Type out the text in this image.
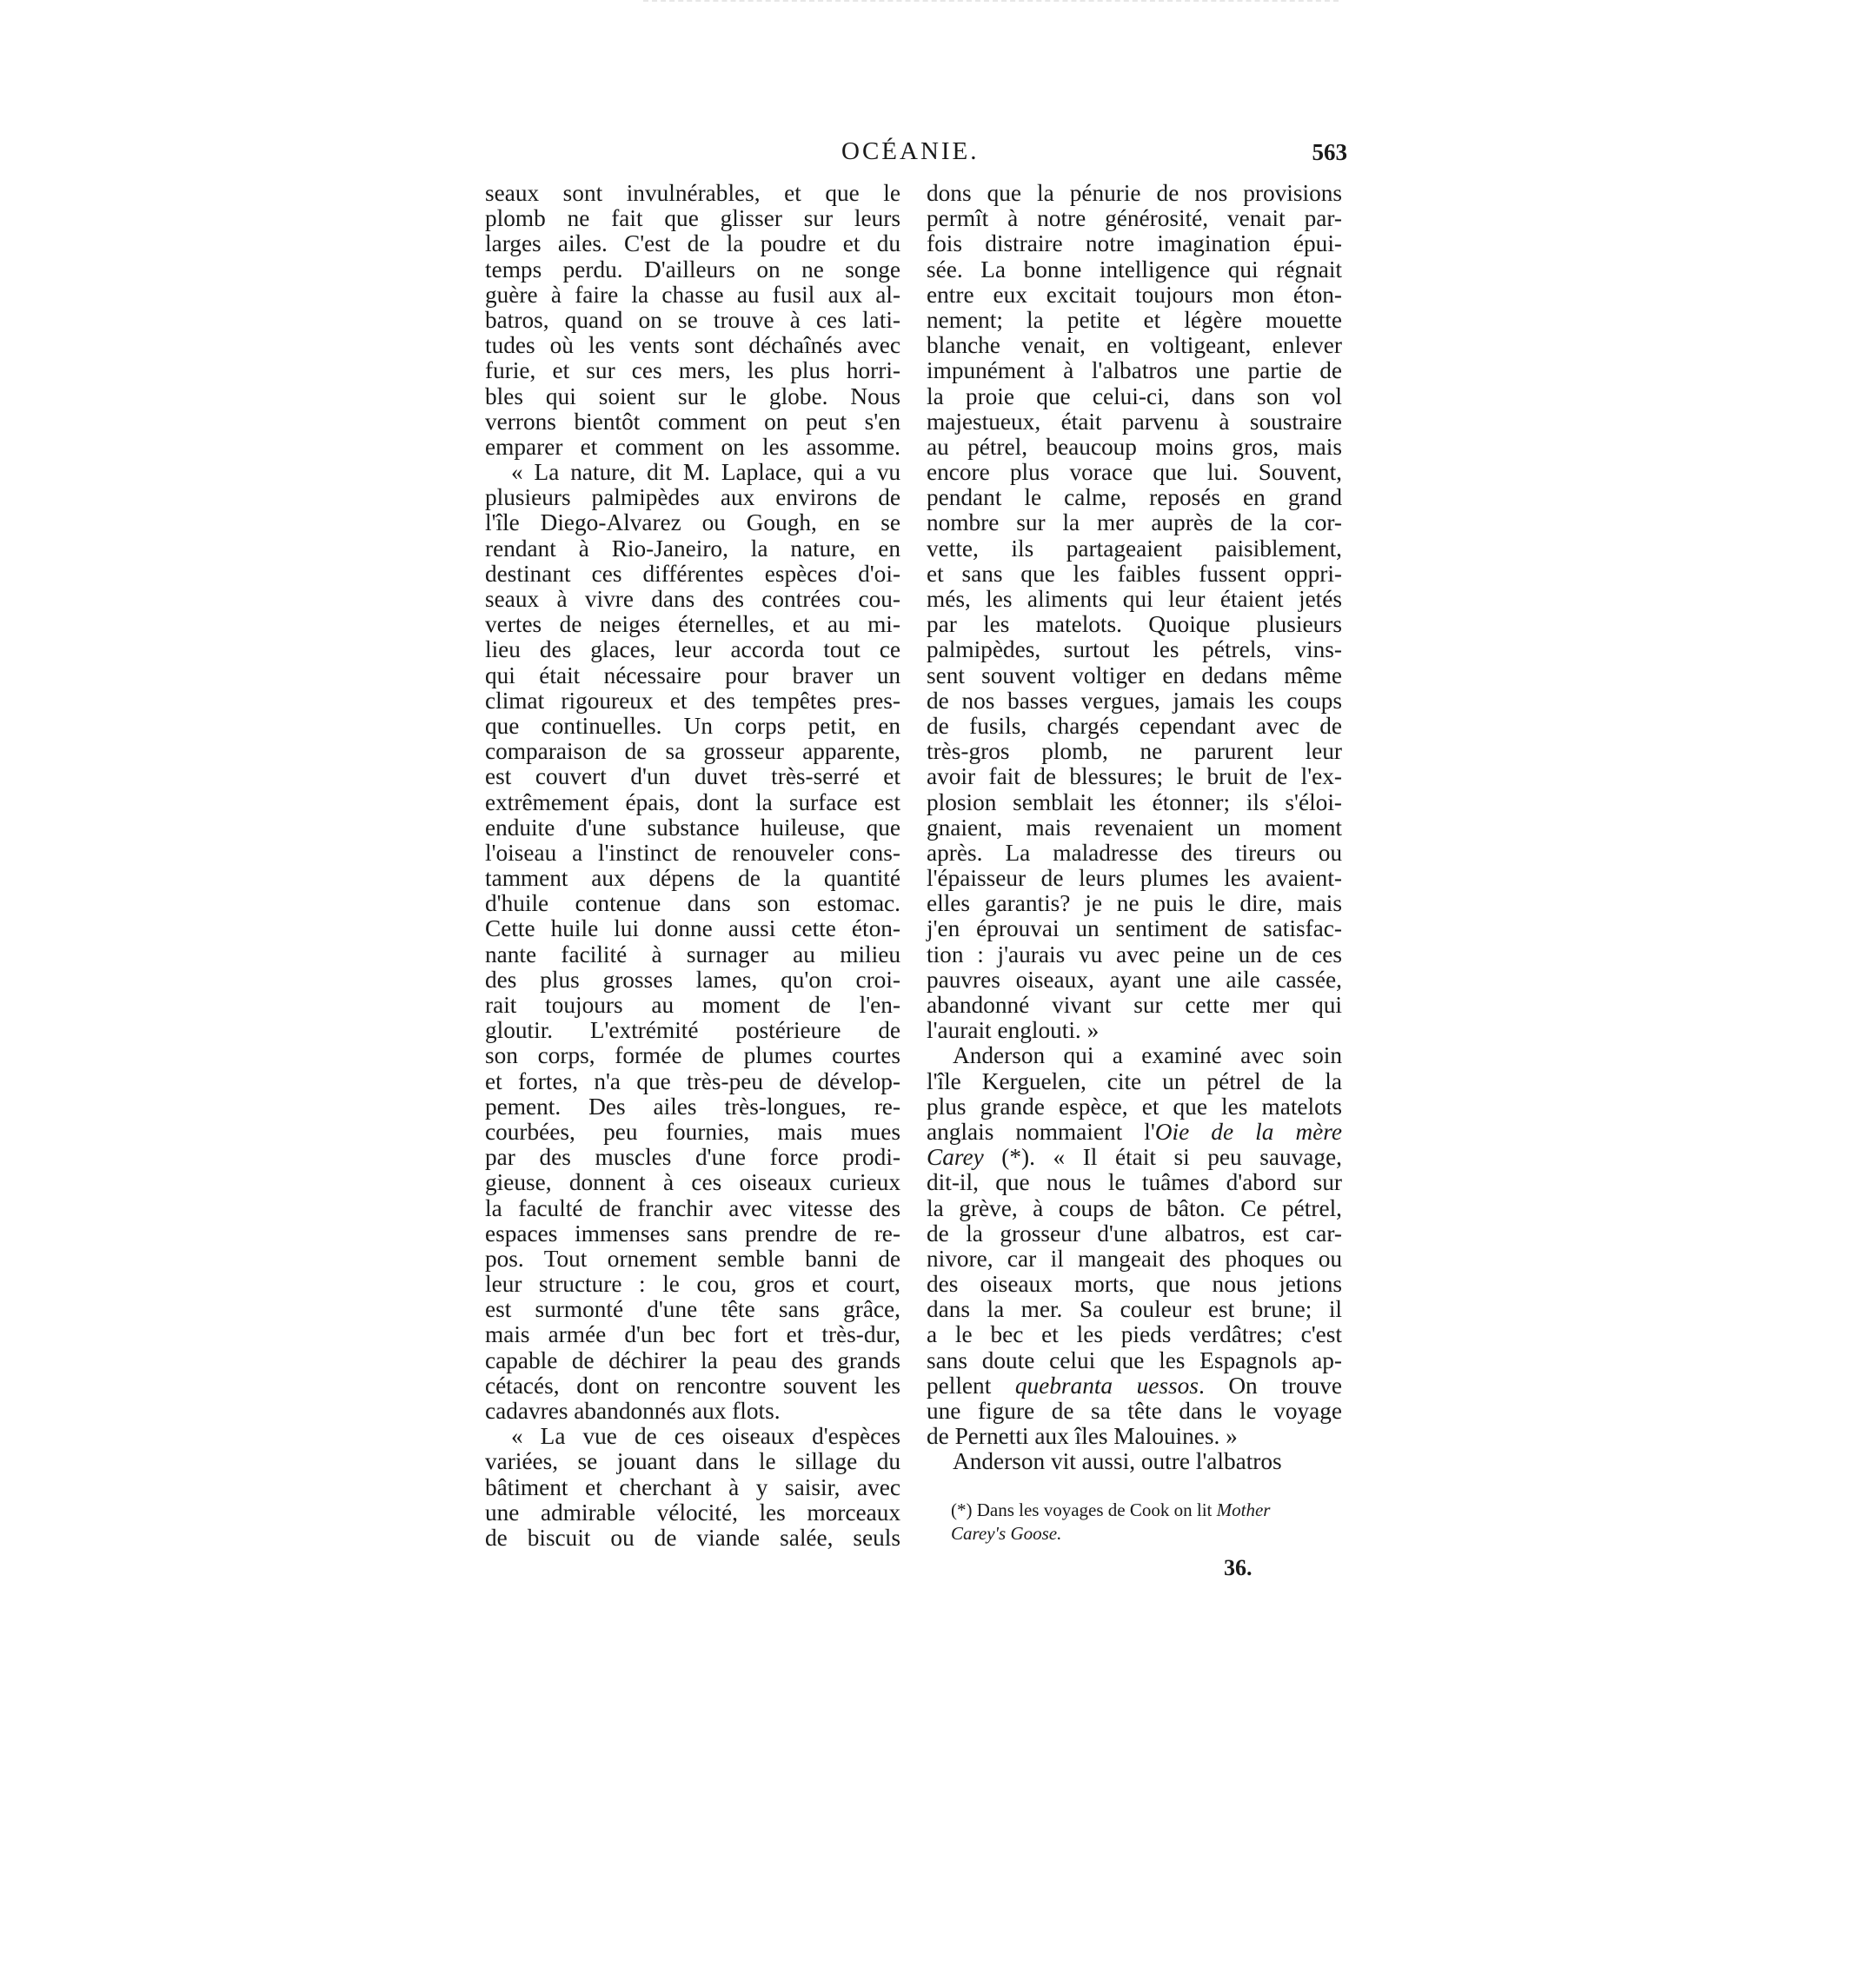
OCÉANIE.	563
seaux sont invulnérables, et que le
plomb ne fait que glisser sur leurs
larges ailes. C'est de la poudre et du
temps perdu. D'ailleurs on ne songe
guère à faire la chasse au fusil aux al-
batros, quand on se trouve à ces lati-
tudes où les vents sont déchaînés avec
furie, et sur ces mers, les plus horri-
bles qui soient sur le globe. Nous
verrons bientôt comment on peut s'en
emparer et comment on les assomme.
« La nature, dit M. Laplace, qui a vu
plusieurs palmipèdes aux environs de
l'île Diego-Alvarez ou Gough, en se
rendant à Rio-Janeiro, la nature, en
destinant ces différentes espèces d'oi-
seaux à vivre dans des contrées cou-
vertes de neiges éternelles, et au mi-
lieu des glaces, leur accorda tout ce
qui était nécessaire pour braver un
climat rigoureux et des tempêtes pres-
que continuelles. Un corps petit, en
comparaison de sa grosseur apparente,
est couvert d'un duvet très-serré et
extrêmement épais, dont la surface est
enduite d'une substance huileuse, que
l'oiseau a l'instinct de renouveler cons-
tamment aux dépens de la quantité
d'huile contenue dans son estomac.
Cette huile lui donne aussi cette éton-
nante facilité à surnager au milieu
des plus grosses lames, qu'on croi-
rait toujours au moment de l'en-
gloutir. L'extrémité postérieure de
son corps, formée de plumes courtes
et fortes, n'a que très-peu de dévelop-
pement. Des ailes très-longues, re-
courbées, peu fournies, mais mues
par des muscles d'une force prodi-
gieuse, donnent à ces oiseaux curieux
la faculté de franchir avec vitesse des
espaces immenses sans prendre de re-
pos. Tout ornement semble banni de
leur structure : le cou, gros et court,
est surmonté d'une tête sans grâce,
mais armée d'un bec fort et très-dur,
capable de déchirer la peau des grands
cétacés, dont on rencontre souvent les
cadavres abandonnés aux flots.
« La vue de ces oiseaux d'espèces
variées, se jouant dans le sillage du
bâtiment et cherchant à y saisir, avec
une admirable vélocité, les morceaux
de biscuit ou de viande salée, seuls
dons que la pénurie de nos provisions
permît à notre générosité, venait par-
fois distraire notre imagination épui-
sée. La bonne intelligence qui régnait
entre eux excitait toujours mon éton-
nement; la petite et légère mouette
blanche venait, en voltigeant, enlever
impunément à l'albatros une partie de
la proie que celui-ci, dans son vol
majestueux, était parvenu à soustraire
au pétrel, beaucoup moins gros, mais
encore plus vorace que lui. Souvent,
pendant le calme, reposés en grand
nombre sur la mer auprès de la cor-
vette, ils partageaient paisiblement,
et sans que les faibles fussent oppri-
més, les aliments qui leur étaient jetés
par les matelots. Quoique plusieurs
palmipèdes, surtout les pétrels, vins-
sent souvent voltiger en dedans même
de nos basses vergues, jamais les coups
de fusils, chargés cependant avec de
très-gros plomb, ne parurent leur
avoir fait de blessures; le bruit de l'ex-
plosion semblait les étonner; ils s'éloi-
gnaient, mais revenaient un moment
après. La maladresse des tireurs ou
l'épaisseur de leurs plumes les avaient-
elles garantis? je ne puis le dire, mais
j'en éprouvai un sentiment de satisfac-
tion : j'aurais vu avec peine un de ces
pauvres oiseaux, ayant une aile cassée,
abandonné vivant sur cette mer qui
l'aurait englouti. »
Anderson qui a examiné avec soin
l'île Kerguelen, cite un pétrel de la
plus grande espèce, et que les matelots
anglais nommaient l'Oie de la mère
Carey (*). « Il était si peu sauvage,
dit-il, que nous le tuâmes d'abord sur
la grève, à coups de bâton. Ce pétrel,
de la grosseur d'une albatros, est car-
nivore, car il mangeait des phoques ou
des oiseaux morts, que nous jetions
dans la mer. Sa couleur est brune; il
a le bec et les pieds verdâtres; c'est
sans doute celui que les Espagnols ap-
pellent quebranta uessos. On trouve
une figure de sa tête dans le voyage
de Pernetti aux îles Malouines. »
Anderson vit aussi, outre l'albatros
(*) Dans les voyages de Cook on lit Mother
Carey's Goose.
36.
